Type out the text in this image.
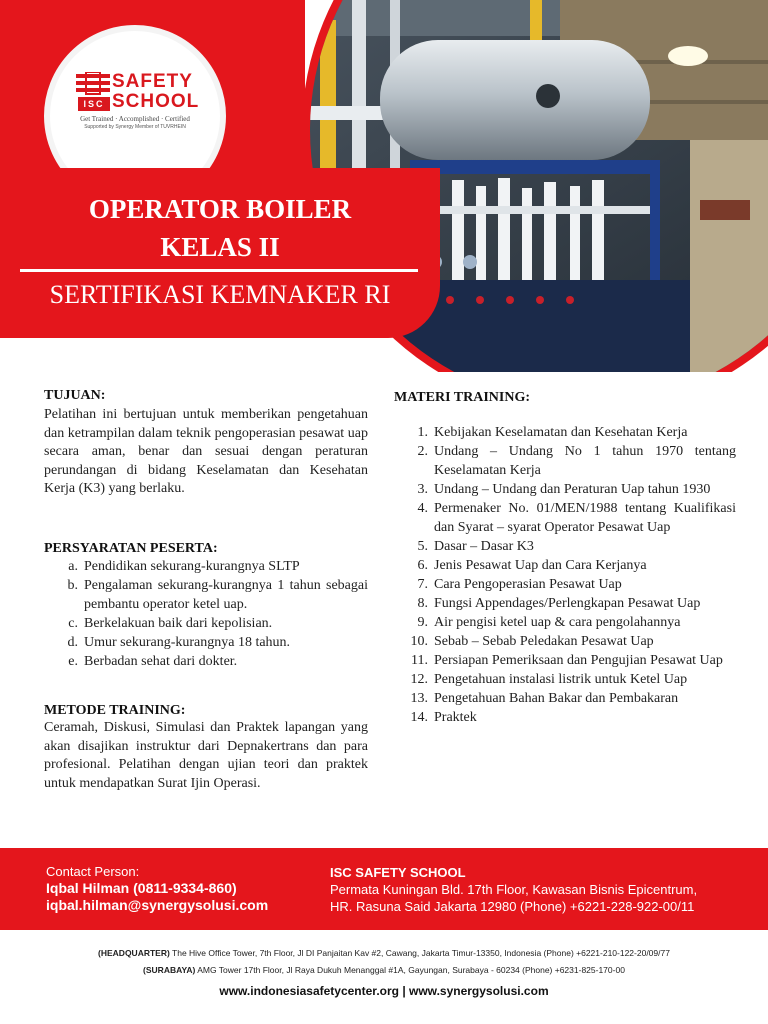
SAFETY
ISC SCHOOL
Get Trained · Accomplished · Certified
Supported by Synergy Member of TUVRHEIN
OPERATOR BOILER
KELAS II
SERTIFIKASI KEMNAKER RI
TUJUAN:
Pelatihan ini bertujuan untuk memberikan pengetahuan dan ketrampilan dalam teknik pengoperasian pesawat uap secara aman, benar dan sesuai dengan peraturan perundangan di bidang Keselamatan dan Kesehatan Kerja (K3) yang berlaku.
PERSYARATAN PESERTA:
a. Pendidikan sekurang-kurangnya SLTP
b. Pengalaman sekurang-kurangnya 1 tahun sebagai pembantu operator ketel uap.
c. Berkelakuan baik dari kepolisian.
d. Umur sekurang-kurangnya 18 tahun.
e. Berbadan sehat dari dokter.
METODE TRAINING:
Ceramah, Diskusi, Simulasi dan Praktek lapangan yang akan disajikan instruktur dari Depnakertrans dan para profesional. Pelatihan dengan ujian teori dan praktek untuk mendapatkan Surat Ijin Operasi.
MATERI TRAINING:
1. Kebijakan Keselamatan dan Kesehatan Kerja
2. Undang – Undang No 1 tahun 1970 tentang Keselamatan Kerja
3. Undang – Undang dan Peraturan Uap tahun 1930
4. Permenaker No. 01/MEN/1988 tentang Kualifikasi dan Syarat – syarat Operator Pesawat Uap
5. Dasar – Dasar K3
6. Jenis Pesawat Uap dan Cara Kerjanya
7. Cara Pengoperasian Pesawat Uap
8. Fungsi Appendages/Perlengkapan Pesawat Uap
9. Air pengisi ketel uap & cara pengolahannya
10. Sebab – Sebab Peledakan Pesawat Uap
11. Persiapan Pemeriksaan dan Pengujian Pesawat Uap
12. Pengetahuan instalasi listrik untuk Ketel Uap
13. Pengetahuan Bahan Bakar dan Pembakaran
14. Praktek
Contact Person:
Iqbal Hilman (0811-9334-860)
iqbal.hilman@synergysolusi.com
ISC SAFETY SCHOOL
Permata Kuningan Bld. 17th Floor, Kawasan Bisnis Epicentrum,
HR. Rasuna Said Jakarta 12980 (Phone) +6221-228-922-00/11
(HEADQUARTER) The Hive Office Tower, 7th Floor, Jl DI Panjaitan Kav #2, Cawang, Jakarta Timur-13350, Indonesia (Phone) +6221-210-122-20/09/77
(SURABAYA) AMG Tower 17th Floor, Jl Raya Dukuh Menanggal #1A, Gayungan, Surabaya - 60234 (Phone) +6231-825-170-00
www.indonesiasafetycenter.org | www.synergysolusi.com
